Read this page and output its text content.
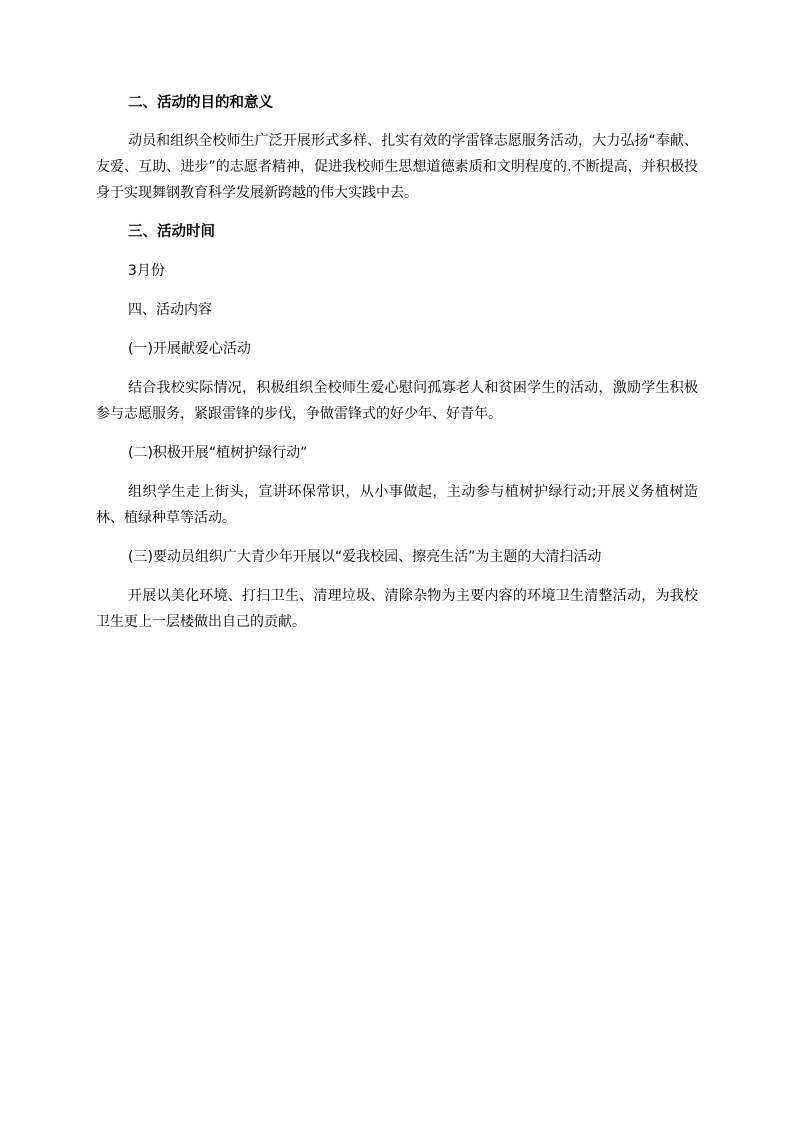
二、活动的目的和意义

动员和组织全校师生广泛开展形式多样、扎实有效的学雷锋志愿服务活动，大力弘扬“奉献、友爱、互助、进步”的志愿者精神，促进我校师生思想道德素质和文明程度的.不断提高，并积极投身于实现舞钢教育科学发展新跨越的伟大实践中去。

三、活动时间

3月份

四、活动内容

(一)开展献爱心活动

结合我校实际情况，积极组织全校师生爱心慰问孤寡老人和贫困学生的活动，激励学生积极参与志愿服务，紧跟雷锋的步伐，争做雷锋式的好少年、好青年。

(二)积极开展“植树护绿行动”

组织学生走上街头，宣讲环保常识，从小事做起，主动参与植树护绿行动;开展义务植树造林、植绿种草等活动。

(三)要动员组织广大青少年开展以“爱我校园、擦亮生活”为主题的大清扫活动

开展以美化环境、打扫卫生、清理垃圾、清除杂物为主要内容的环境卫生清整活动，为我校卫生更上一层楼做出自己的贡献。
